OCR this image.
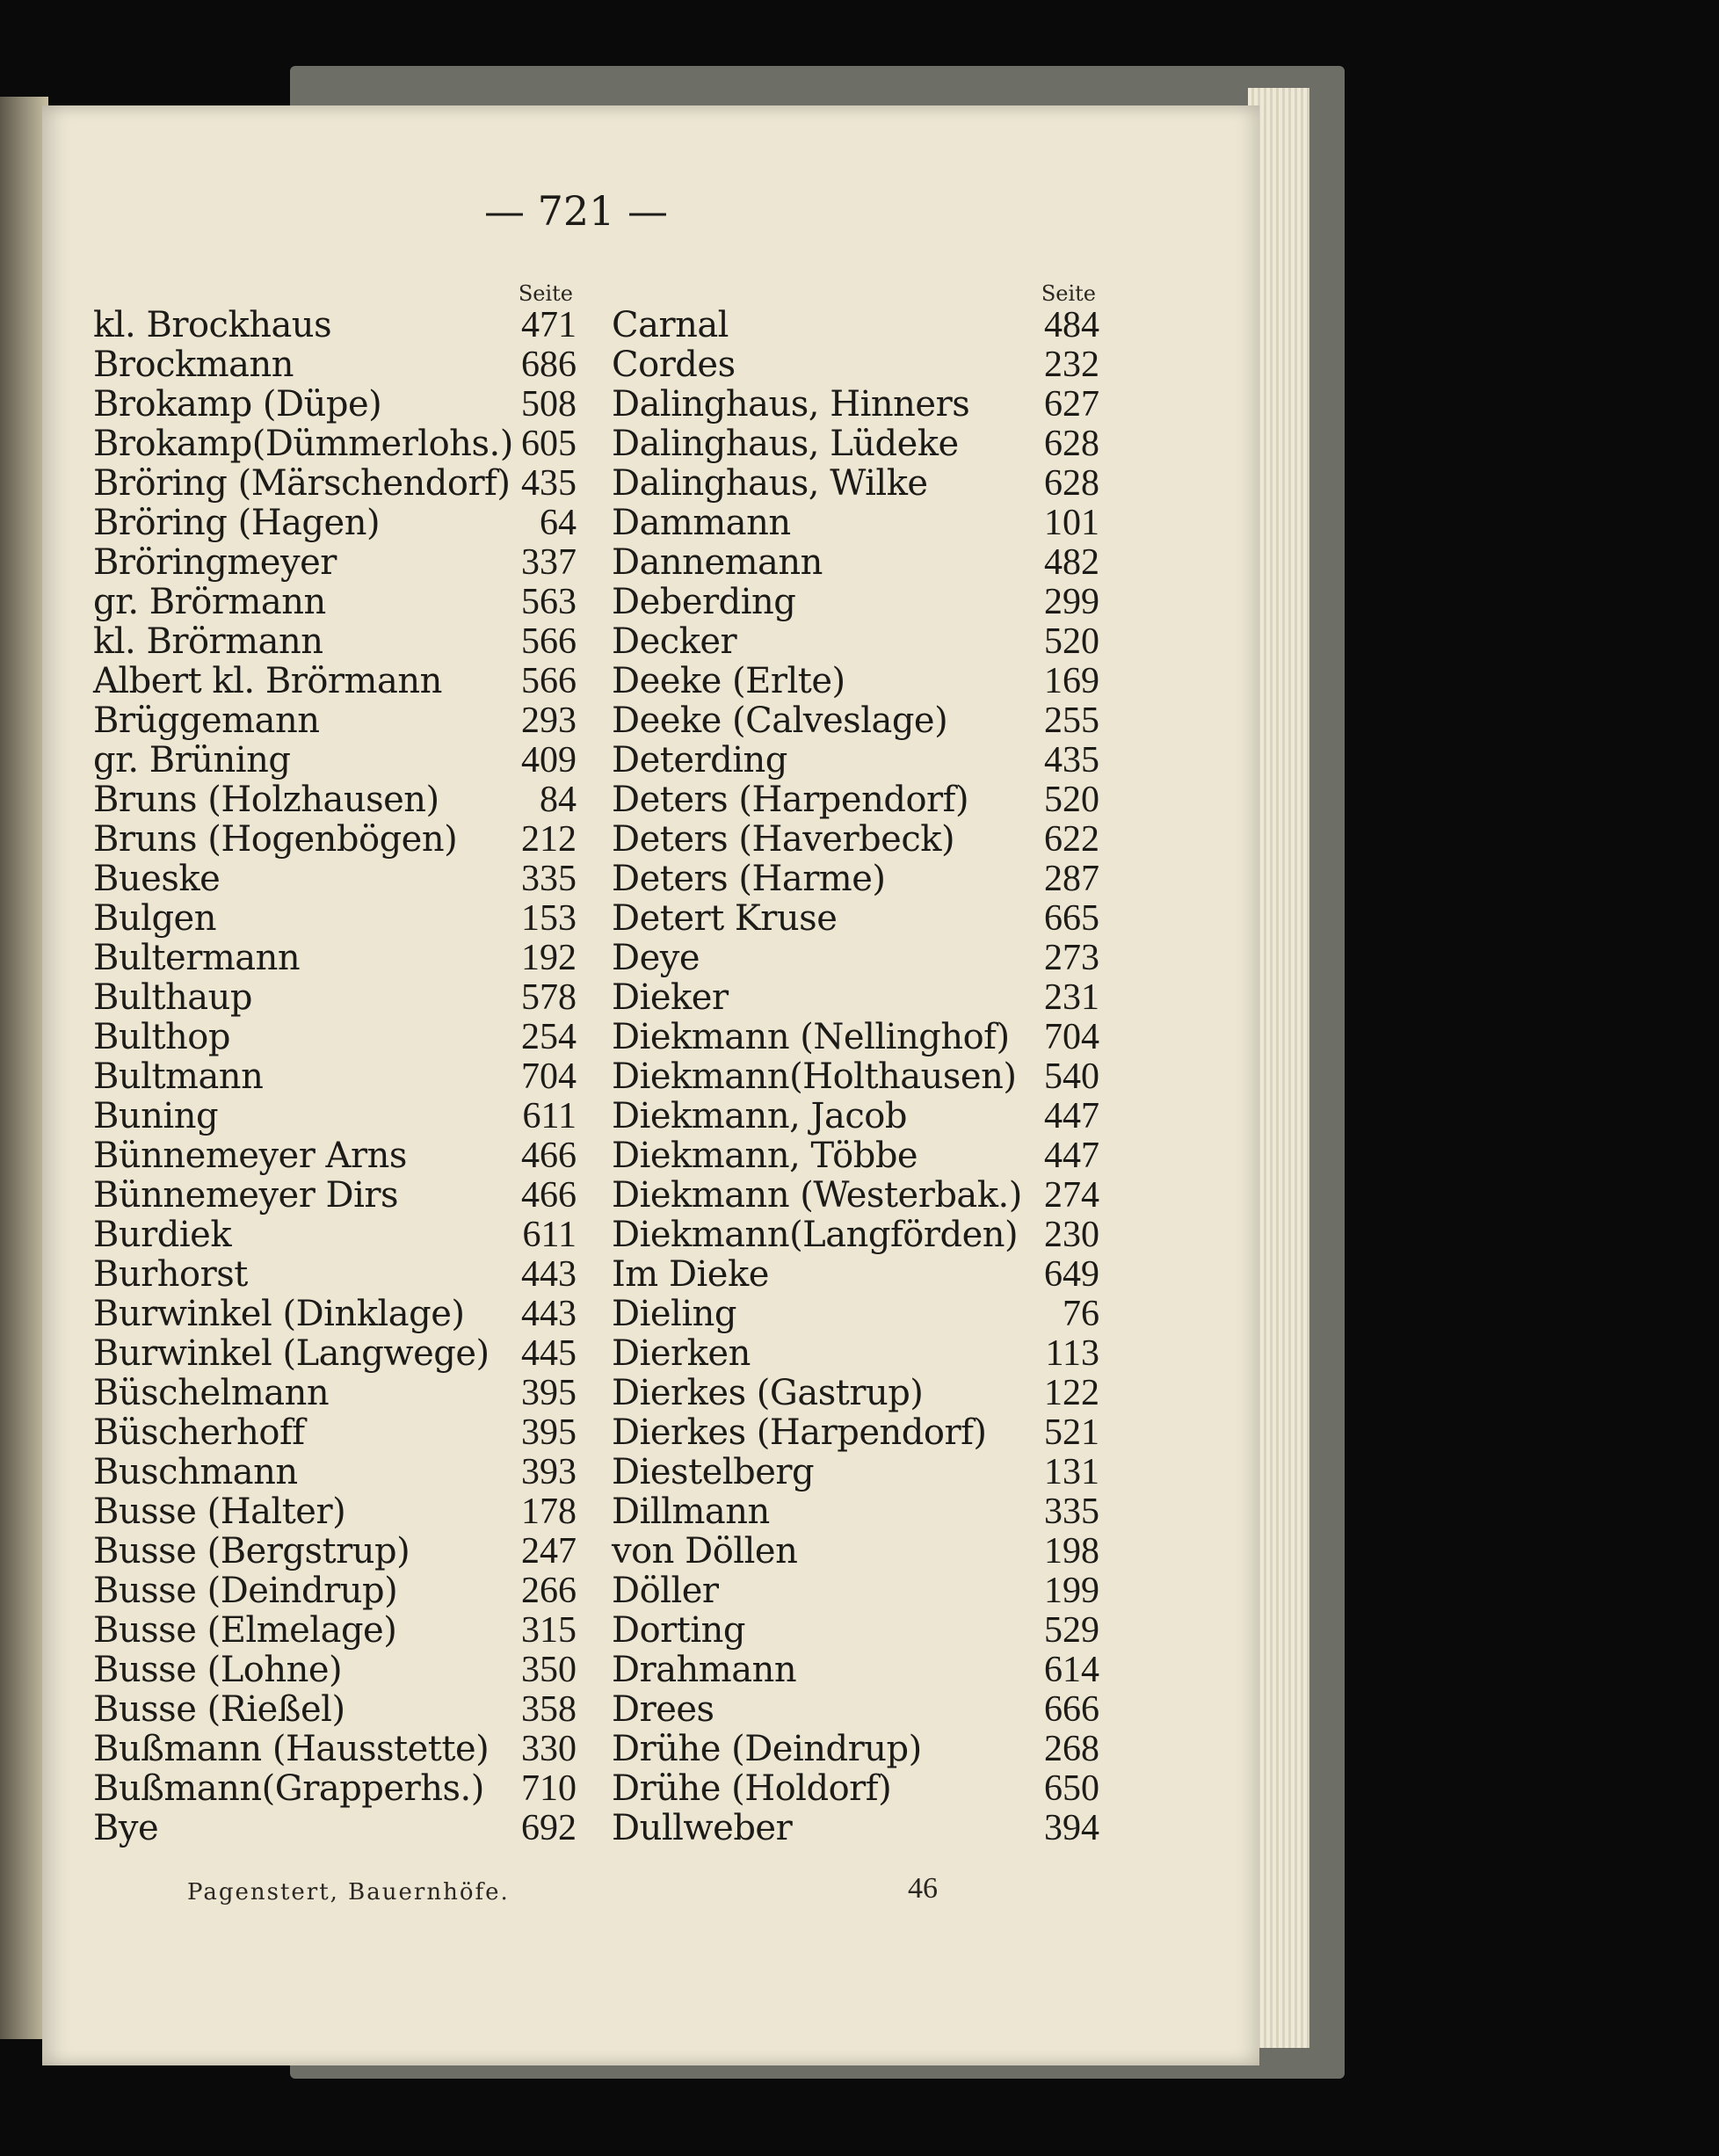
— 721 —
Seite
kl. Brockhaus	471
Brockmann	686
Brokamp (Düpe)	508
Brokamp(Dümmerlohs.) 605
Bröring (Märschendorf) 435
Bröring (Hagen)	64
Bröringmeyer	337
gr. Brörmann	563
kl. Brörmann	566
Albert kl. Brörmann 566
Brüggemann	293
gr. Brüning	409
Bruns (Holzhausen)	84
Bruns (Hogenbögen) 212
Bueske	335
Bulgen	153
Bultermann	192
Bulthaup	578
Bulthop	254
Bultmann	704
Buning	611
Bünnemeyer Arns	466
Bünnemeyer Dirs	466
Burdiek	611
Burhorst	443
Burwinkel (Dinklage) 443
Burwinkel (Langwege) 445
Büschelmann	395
Büscherhoff	395
Buschmann	393
Busse (Halter)	178
Busse (Bergstrup)	247
Busse (Deindrup)	266
Busse (Elmelage)	315
Busse (Lohne)	350
Busse (Rießel)	358
Bußmann (Hausstette) 330
Bußmann(Grapperhs.) 710
Bye	692
Seite
Carnal	484
Cordes	232
Dalinghaus, Hinners 627
Dalinghaus, Lüdeke 628
Dalinghaus, Wilke	628
Dammann	101
Dannemann	482
Deberding	299
Decker	520
Deeke (Erlte)	169
Deeke (Calveslage)	255
Deterding	435
Deters (Harpendorf) 520
Deters (Haverbeck) 622
Deters (Harme)	287
Detert Kruse	665
Deye	273
Dieker	231
Diekmann (Nellinghof) 704
Diekmann(Holthausen) 540
Diekmann, Jacob	447
Diekmann, Többe	447
Diekmann (Westerbak.) 274
Diekmann(Langförden) 230
Im Dieke	649
Dieling	76
Dierken	113
Dierkes (Gastrup)	122
Dierkes (Harpendorf) 521
Diestelberg	131
Dillmann	335
von Döllen	198
Döller	199
Dorting	529
Drahmann	614
Drees	666
Drühe (Deindrup)	268
Drühe (Holdorf)	650
Dullweber	394
Pagenstert, Bauernhöfe.	46
